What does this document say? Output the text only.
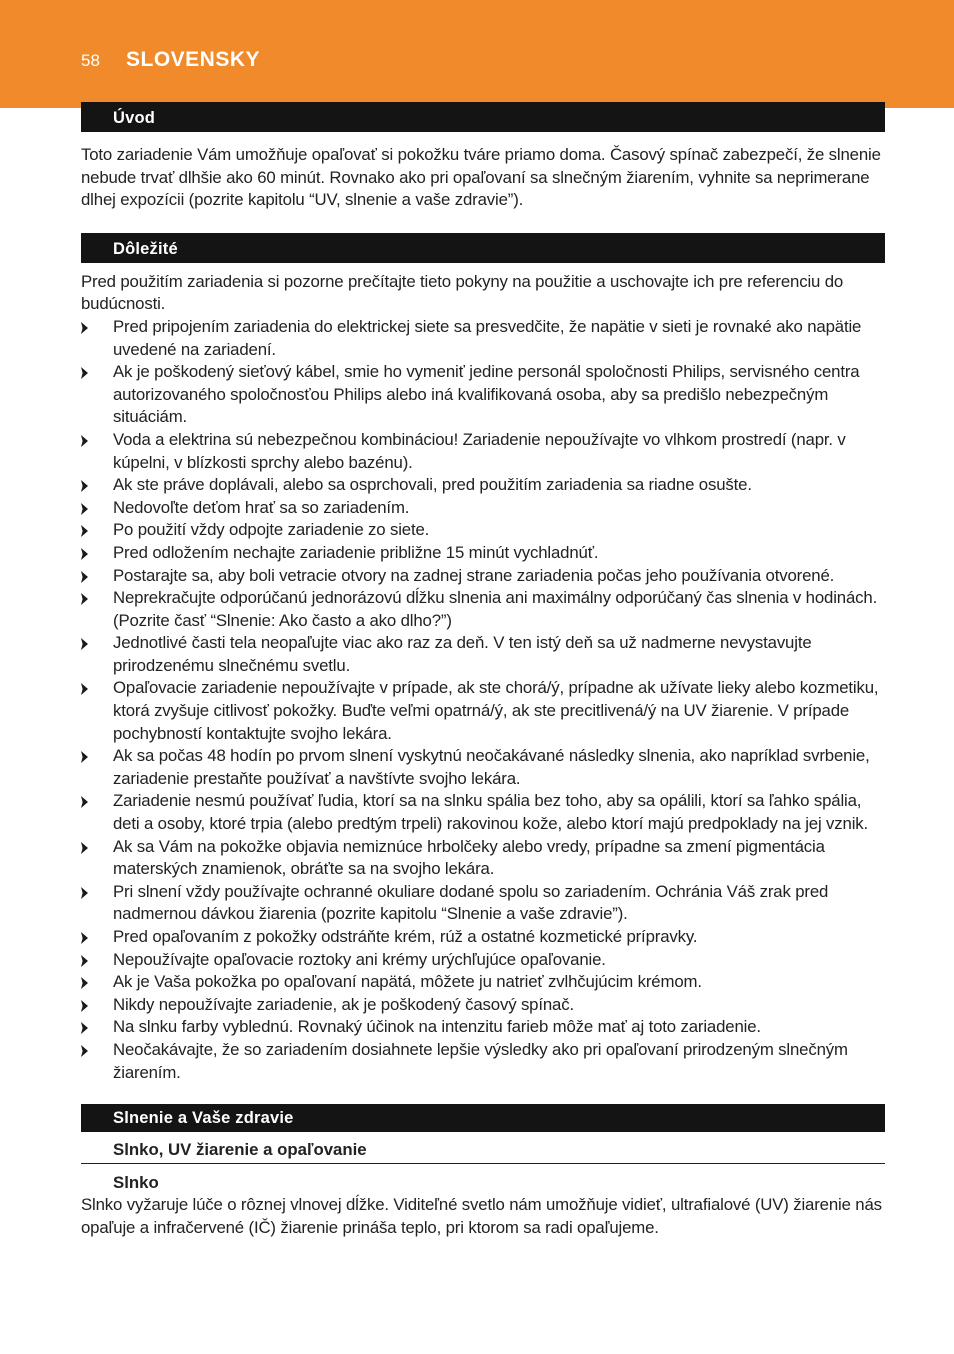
58 SLOVENSKY
Úvod

Toto zariadenie Vám umožňuje opaľovať si pokožku tváre priamo doma. Časový spínač zabezpečí, že slnenie nebude trvať dlhšie ako 60 minút. Rovnako ako pri opaľovaní sa slnečným žiarením, vyhnite sa neprimerane dlhej expozícii (pozrite kapitolu “UV, slnenie a vaše zdravie”).

Dôležité

Pred použitím zariadenia si pozorne prečítajte tieto pokyny na použitie a uschovajte ich pre referenciu do budúcnosti.

Pred pripojením zariadenia do elektrickej siete sa presvedčite, že napätie v sieti je rovnaké ako napätie uvedené na zariadení.
Ak je poškodený sieťový kábel, smie ho vymeniť jedine personál spoločnosti Philips, servisného centra autorizovaného spoločnosťou Philips alebo iná kvalifikovaná osoba, aby sa predišlo nebezpečným situáciám.
Voda a elektrina sú nebezpečnou kombináciou! Zariadenie nepoužívajte vo vlhkom prostredí (napr. v kúpelni, v blízkosti sprchy alebo bazénu).
Ak ste práve doplávali, alebo sa osprchovali, pred použitím zariadenia sa riadne osušte.
Nedovoľte deťom hrať sa so zariadením.
Po použití vždy odpojte zariadenie zo siete.
Pred odložením nechajte zariadenie približne 15 minút vychladnúť.
Postarajte sa, aby boli vetracie otvory na zadnej strane zariadenia počas jeho používania otvorené.
Neprekračujte odporúčanú jednorázovú dĺžku slnenia ani maximálny odporúčaný čas slnenia v hodinách. (Pozrite časť “Slnenie: Ako často a ako dlho?”)
Jednotlivé časti tela neopaľujte viac ako raz za deň. V ten istý deň sa už nadmerne nevystavujte prirodzenému slnečnému svetlu.
Opaľovacie zariadenie nepoužívajte v prípade, ak ste chorá/ý, prípadne ak užívate lieky alebo kozmetiku, ktorá zvyšuje citlivosť pokožky. Buďte veľmi opatrná/ý, ak ste precitlivená/ý na UV žiarenie. V prípade pochybností kontaktujte svojho lekára.
Ak sa počas 48 hodín po prvom slnení vyskytnú neočakávané následky slnenia, ako napríklad svrbenie, zariadenie prestaňte používať a navštívte svojho lekára.
Zariadenie nesmú používať ľudia, ktorí sa na slnku spália bez toho, aby sa opálili, ktorí sa ľahko spália, deti a osoby, ktoré trpia (alebo predtým trpeli) rakovinou kože, alebo ktorí majú predpoklady na jej vznik.
Ak sa Vám na pokožke objavia nemiznúce hrbolčeky alebo vredy, prípadne sa zmení pigmentácia materských znamienok, obráťte sa na svojho lekára.
Pri slnení vždy používajte ochranné okuliare dodané spolu so zariadením. Ochránia Váš zrak pred nadmernou dávkou žiarenia (pozrite kapitolu “Slnenie a vaše zdravie”).
Pred opaľovaním z pokožky odstráňte krém, rúž a ostatné kozmetické prípravky.
Nepoužívajte opaľovacie roztoky ani krémy urýchľujúce opaľovanie.
Ak je Vaša pokožka po opaľovaní napätá, môžete ju natrieť zvlhčujúcim krémom.
Nikdy nepoužívajte zariadenie, ak je poškodený časový spínač.
Na slnku farby vyblednú. Rovnaký účinok na intenzitu farieb môže mať aj toto zariadenie.
Neočakávajte, že so zariadením dosiahnete lepšie výsledky ako pri opaľovaní prirodzeným slnečným žiarením.
Slnenie a Vaše zdravie
Slnko, UV žiarenie a opaľovanie
Slnko

Slnko vyžaruje lúče o rôznej vlnovej dĺžke. Viditeľné svetlo nám umožňuje vidieť, ultrafialové (UV) žiarenie nás opaľuje a infračervené (IČ) žiarenie prináša teplo, pri ktorom sa radi opaľujeme.
